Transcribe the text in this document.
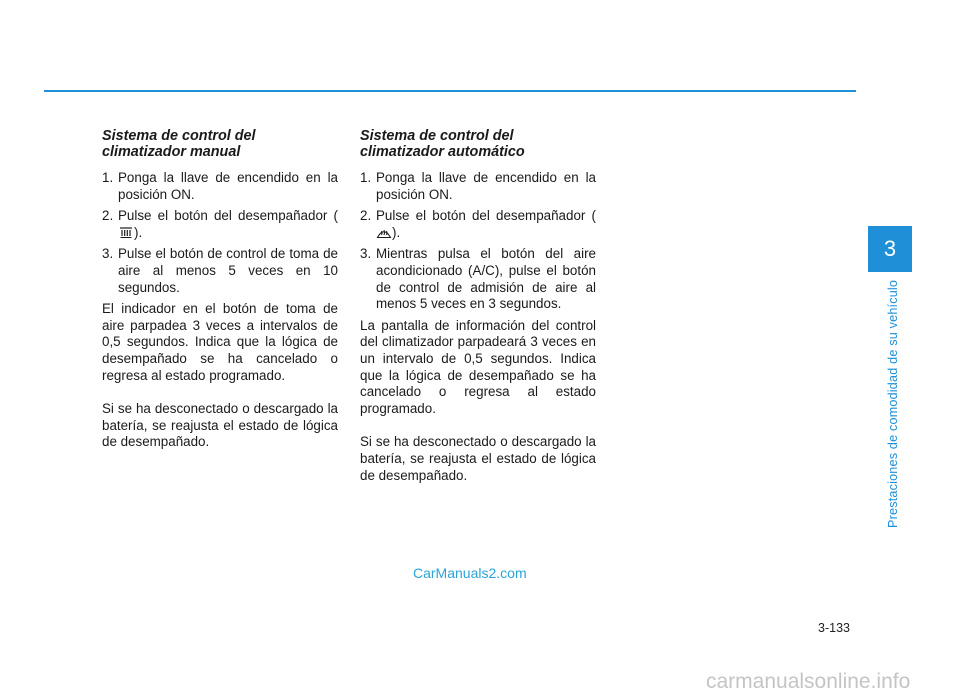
Sistema de control del
climatizador manual
1. Ponga la llave de encendido en la posición ON.
2. Pulse el botón del desempañador ().
3. Pulse el botón de control de toma de aire al menos 5 veces en 10 segundos.

El indicador en el botón de toma de aire parpadea 3 veces a intervalos de 0,5 segundos. Indica que la lógica de desempañado se ha cancelado o regresa al estado programado.

Si se ha desconectado o descargado la batería, se reajusta el estado de lógica de desempañado.

Sistema de control del
climatizador automático
1. Ponga la llave de encendido en la posición ON.
2. Pulse el botón del desempañador ().
3. Mientras pulsa el botón del aire acondicionado (A/C), pulse el botón de control de admisión de aire al menos 5 veces en 3 segundos.

La pantalla de información del control del climatizador parpadeará 3 veces en un intervalo de 0,5 segundos. Indica que la lógica de desempañado se ha cancelado o regresa al estado programado.

Si se ha desconectado o descargado la batería, se reajusta el estado de lógica de desempañado.

3
Prestaciones de comodidad de su vehículo
3-133
CarManuals2.com
carmanualsonline.info
